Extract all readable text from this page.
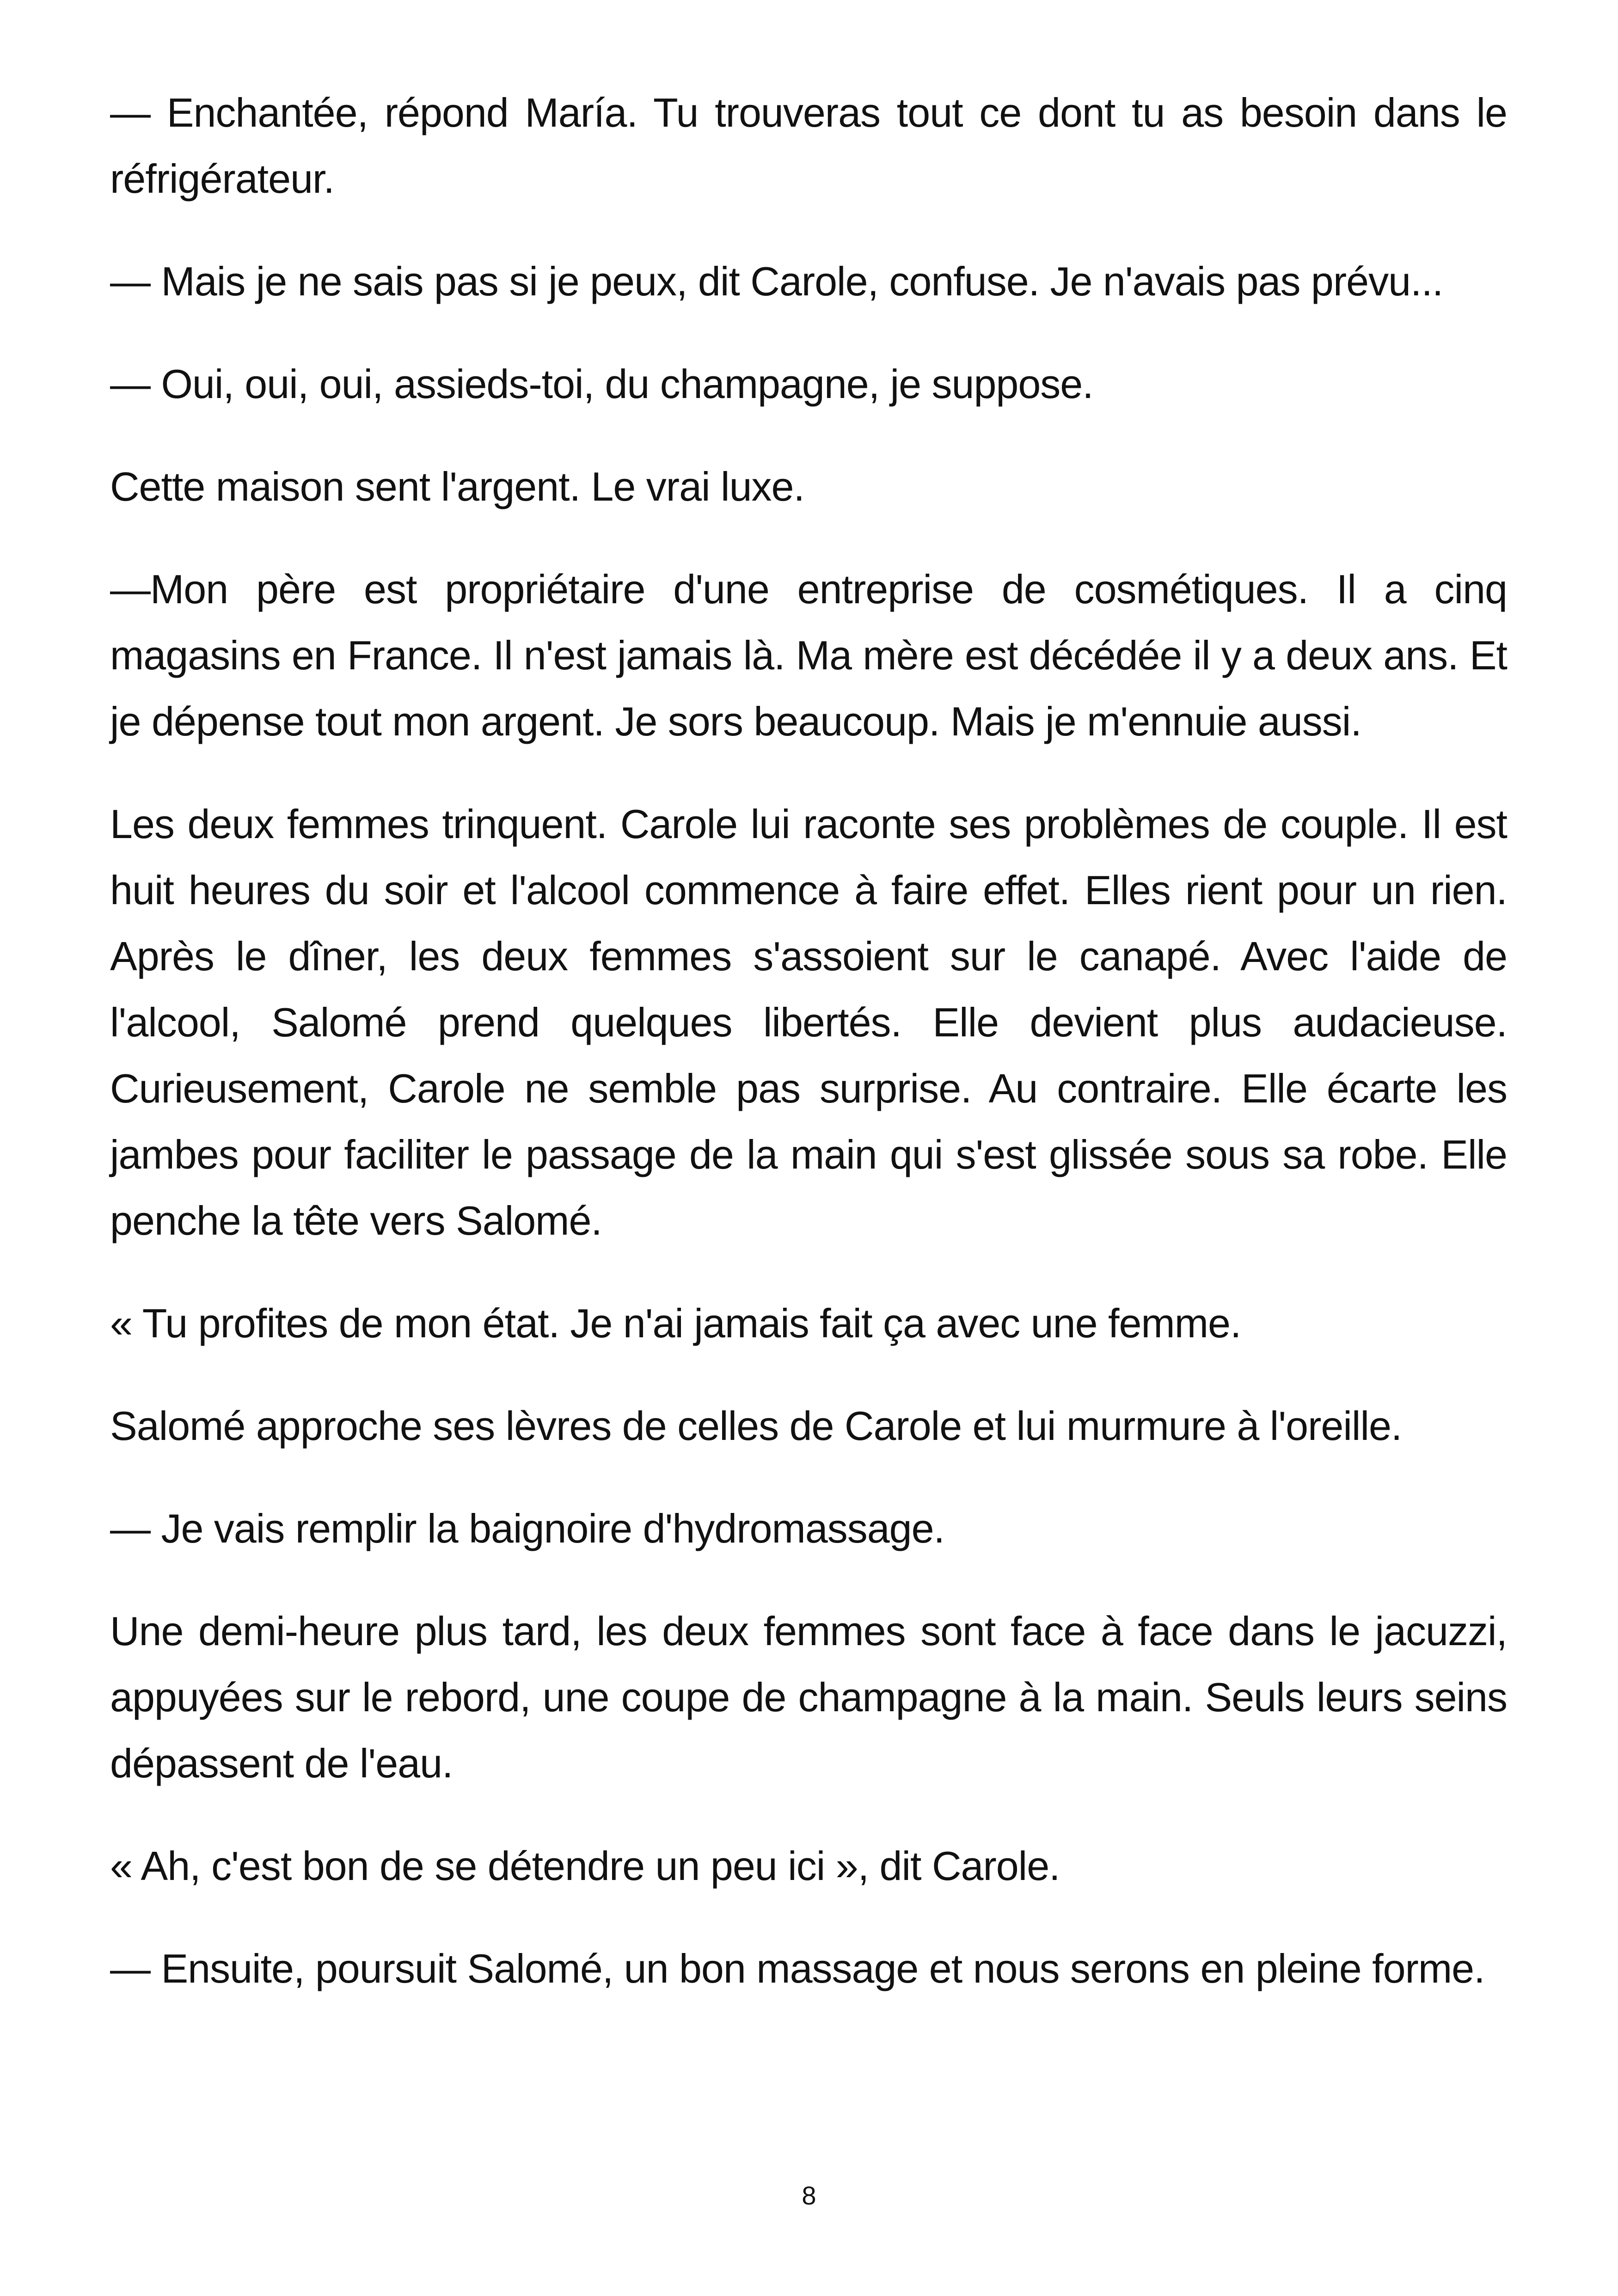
— Enchantée, répond María. Tu trouveras tout ce dont tu as besoin dans le réfrigérateur.

— Mais je ne sais pas si je peux, dit Carole, confuse. Je n'avais pas prévu...

— Oui, oui, oui, assieds-toi, du champagne, je suppose.

Cette maison sent l'argent. Le vrai luxe.

—Mon père est propriétaire d'une entreprise de cosmétiques. Il a cinq magasins en France. Il n'est jamais là. Ma mère est décédée il y a deux ans. Et je dépense tout mon argent. Je sors beaucoup. Mais je m'ennuie aussi.

Les deux femmes trinquent. Carole lui raconte ses problèmes de couple. Il est huit heures du soir et l'alcool commence à faire effet. Elles rient pour un rien. Après le dîner, les deux femmes s'assoient sur le canapé. Avec l'aide de l'alcool, Salomé prend quelques libertés. Elle devient plus audacieuse. Curieusement, Carole ne semble pas surprise. Au contraire. Elle écarte les jambes pour faciliter le passage de la main qui s'est glissée sous sa robe. Elle penche la tête vers Salomé.

« Tu profites de mon état. Je n'ai jamais fait ça avec une femme.

Salomé approche ses lèvres de celles de Carole et lui murmure à l'oreille.

— Je vais remplir la baignoire d'hydromassage.

Une demi-heure plus tard, les deux femmes sont face à face dans le jacuzzi, appuyées sur le rebord, une coupe de champagne à la main. Seuls leurs seins dépassent de l'eau.

« Ah, c'est bon de se détendre un peu ici », dit Carole.

— Ensuite, poursuit Salomé, un bon massage et nous serons en pleine forme.

8
